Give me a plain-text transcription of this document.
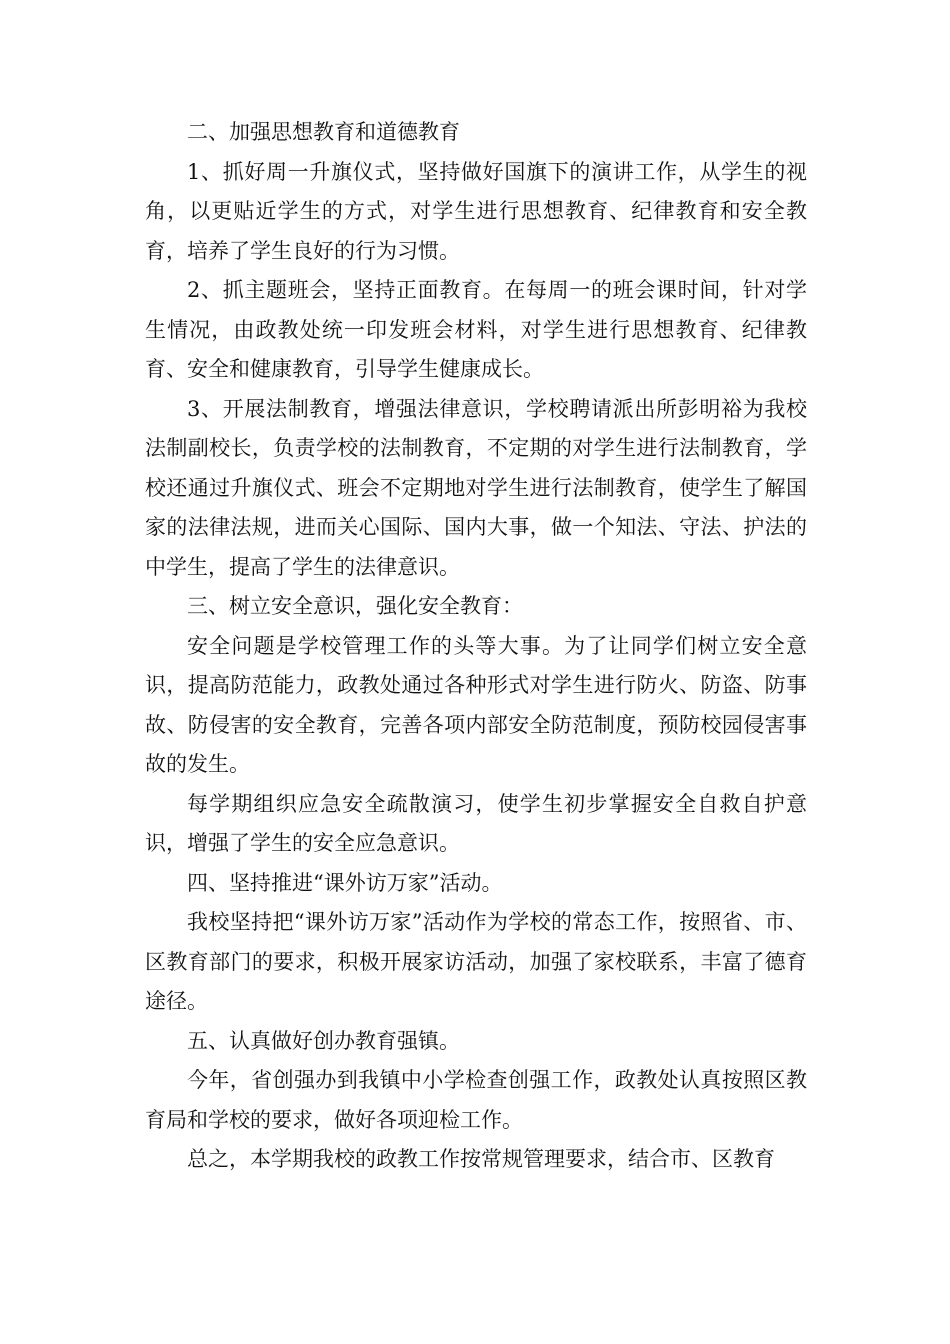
二、加强思想教育和道德教育

1、抓好周一升旗仪式，坚持做好国旗下的演讲工作，从学生的视角，以更贴近学生的方式，对学生进行思想教育、纪律教育和安全教育，培养了学生良好的行为习惯。

2、抓主题班会，坚持正面教育。在每周一的班会课时间，针对学生情况，由政教处统一印发班会材料，对学生进行思想教育、纪律教育、安全和健康教育，引导学生健康成长。

3、开展法制教育，增强法律意识，学校聘请派出所彭明裕为我校法制副校长，负责学校的法制教育，不定期的对学生进行法制教育，学校还通过升旗仪式、班会不定期地对学生进行法制教育，使学生了解国家的法律法规，进而关心国际、国内大事，做一个知法、守法、护法的中学生，提高了学生的法律意识。

三、树立安全意识，强化安全教育：

安全问题是学校管理工作的头等大事。为了让同学们树立安全意识，提高防范能力，政教处通过各种形式对学生进行防火、防盗、防事故、防侵害的安全教育，完善各项内部安全防范制度，预防校园侵害事故的发生。

每学期组织应急安全疏散演习，使学生初步掌握安全自救自护意识，增强了学生的安全应急意识。

四、坚持推进“课外访万家”活动。

我校坚持把“课外访万家”活动作为学校的常态工作，按照省、市、区教育部门的要求，积极开展家访活动，加强了家校联系，丰富了德育途径。

五、认真做好创办教育强镇。

今年，省创强办到我镇中小学检查创强工作，政教处认真按照区教育局和学校的要求，做好各项迎检工作。

总之，本学期我校的政教工作按常规管理要求，结合市、区教育
